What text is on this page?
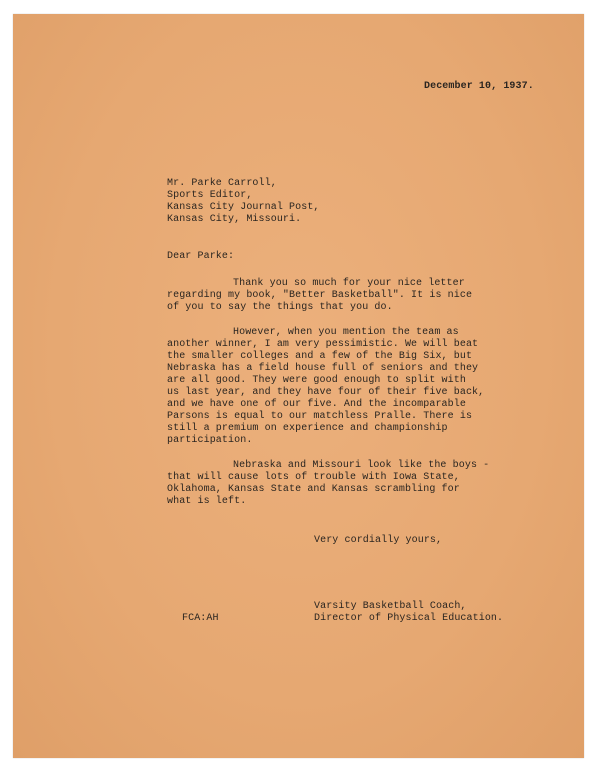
December 10, 1937.
Mr. Parke Carroll,
Sports Editor,
Kansas City Journal Post,
Kansas City, Missouri.
Dear Parke:
Thank you so much for your nice letter
regarding my book, "Better Basketball". It is nice
of you to say the things that you do.
However, when you mention the team as
another winner, I am very pessimistic. We will beat
the smaller colleges and a few of the Big Six, but
Nebraska has a field house full of seniors and they
are all good. They were good enough to split with
us last year, and they have four of their five back,
and we have one of our five. And the incomparable
Parsons is equal to our matchless Pralle. There is
still a premium on experience and championship
participation.
Nebraska and Missouri look like the boys -
that will cause lots of trouble with Iowa State,
Oklahoma, Kansas State and Kansas scrambling for
what is left.
Very cordially yours,
Varsity Basketball Coach,
Director of Physical Education.
FCA:AH
